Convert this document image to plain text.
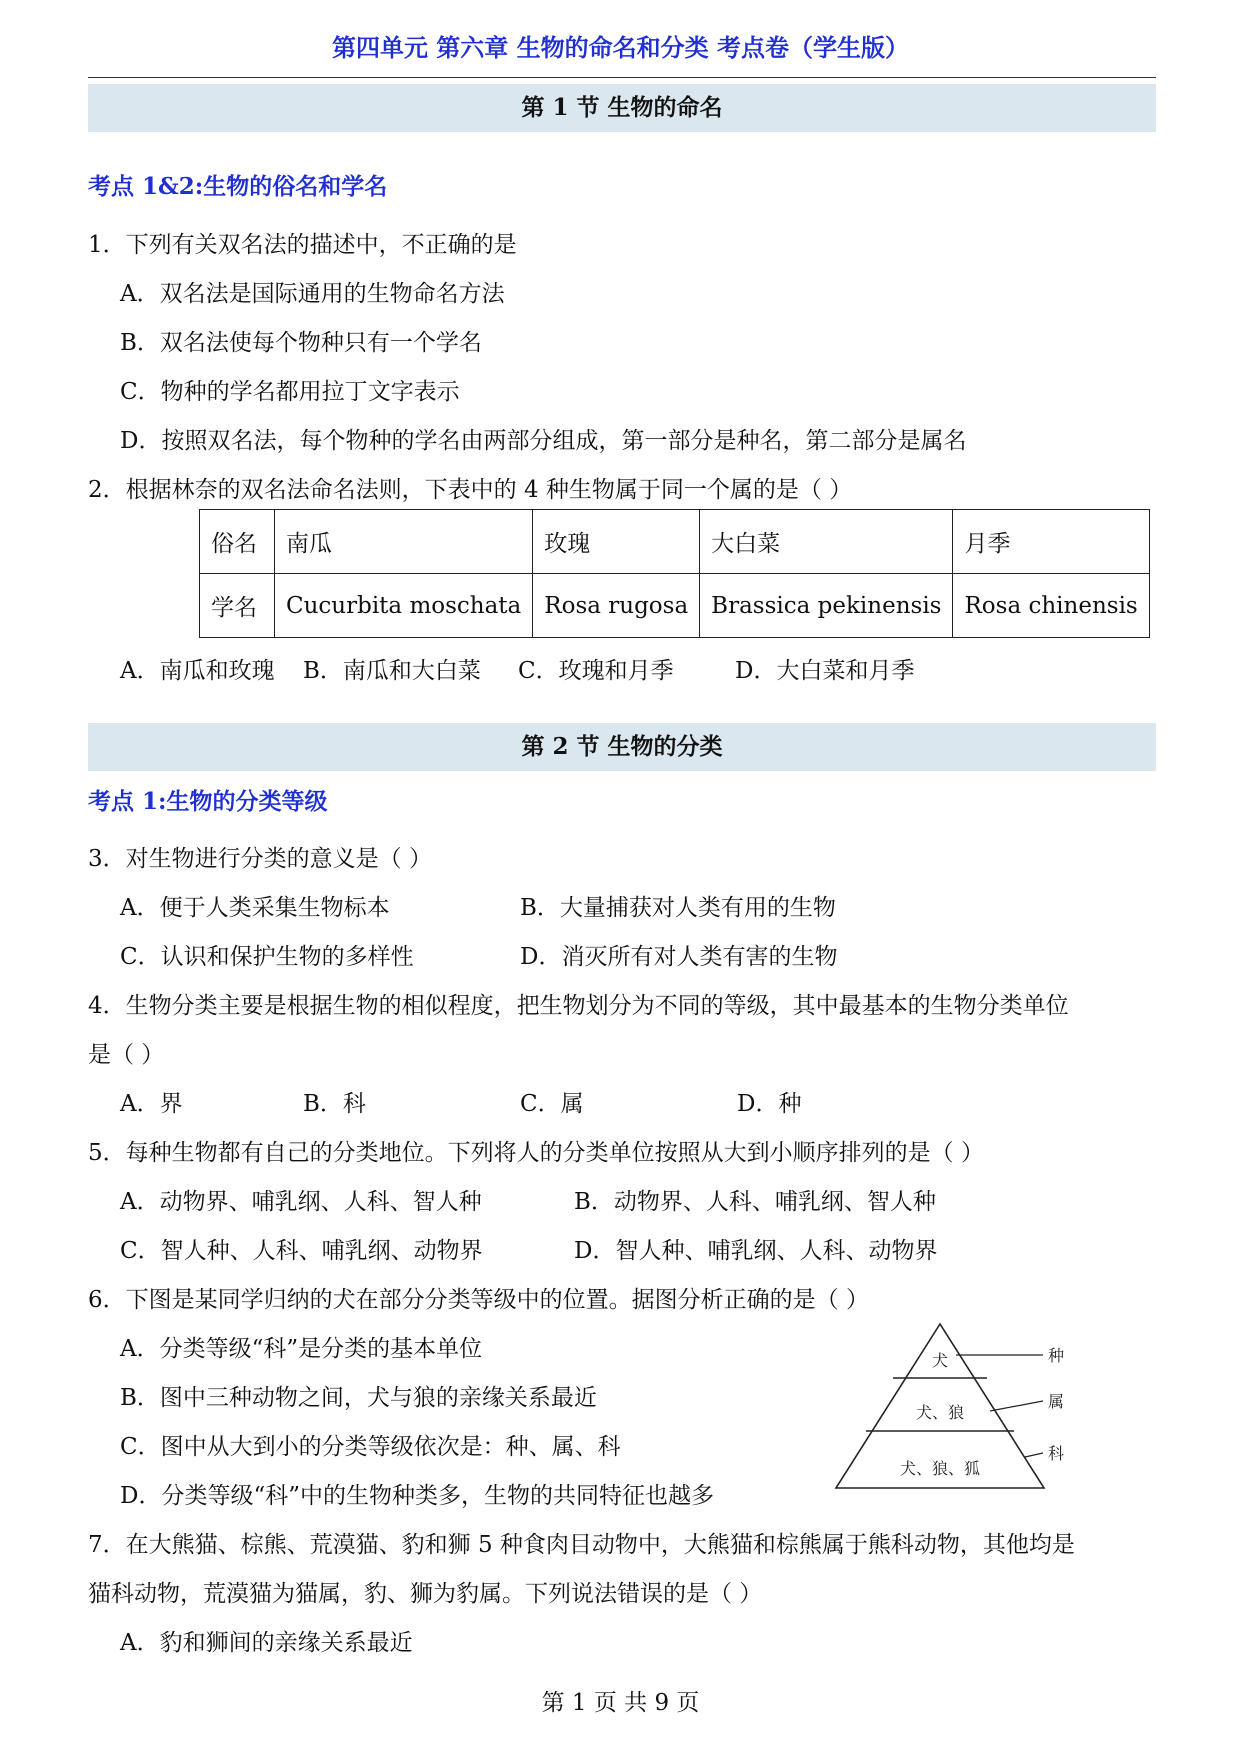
第四单元 第六章 生物的命名和分类 考点卷（学生版）
第 1 节 生物的命名
考点 1&2:生物的俗名和学名
1．下列有关双名法的描述中，不正确的是
A．双名法是国际通用的生物命名方法
B．双名法使每个物种只有一个学名
C．物种的学名都用拉丁文字表示
D．按照双名法，每个物种的学名由两部分组成，第一部分是种名，第二部分是属名
2．根据林奈的双名法命名法则，下表中的 4 种生物属于同一个属的是（ ）
俗名	南瓜	玫瑰	大白菜	月季
学名	Cucurbita moschata	Rosa rugosa	Brassica pekinensis	Rosa chinensis
A．南瓜和玫瑰 B．南瓜和大白菜 C．玫瑰和月季	D．大白菜和月季
第 2 节 生物的分类
考点 1:生物的分类等级
3．对生物进行分类的意义是（ ）
A．便于人类采集生物标本	B．大量捕获对人类有用的生物
C．认识和保护生物的多样性	D．消灭所有对人类有害的生物
4．生物分类主要是根据生物的相似程度，把生物划分为不同的等级，其中最基本的生物分类单位
是（ ）
A．界	B．科	C．属	D．种
5．每种生物都有自己的分类地位。下列将人的分类单位按照从大到小顺序排列的是（ ）
A．动物界、哺乳纲、人科、智人种	B．动物界、人科、哺乳纲、智人种
C．智人种、人科、哺乳纲、动物界	D．智人种、哺乳纲、人科、动物界
6．下图是某同学归纳的犬在部分分类等级中的位置。据图分析正确的是（ ）
A．分类等级“科”是分类的基本单位
B．图中三种动物之间，犬与狼的亲缘关系最近
C．图中从大到小的分类等级依次是：种、属、科
D．分类等级“科”中的生物种类多，生物的共同特征也越多
犬
犬、狼
犬、狼、狐
种
属
科
7．在大熊猫、棕熊、荒漠猫、豹和狮 5 种食肉目动物中，大熊猫和棕熊属于熊科动物，其他均是
猫科动物，荒漠猫为猫属，豹、狮为豹属。下列说法错误的是（ ）
A．豹和狮间的亲缘关系最近
第 1 页 共 9 页
